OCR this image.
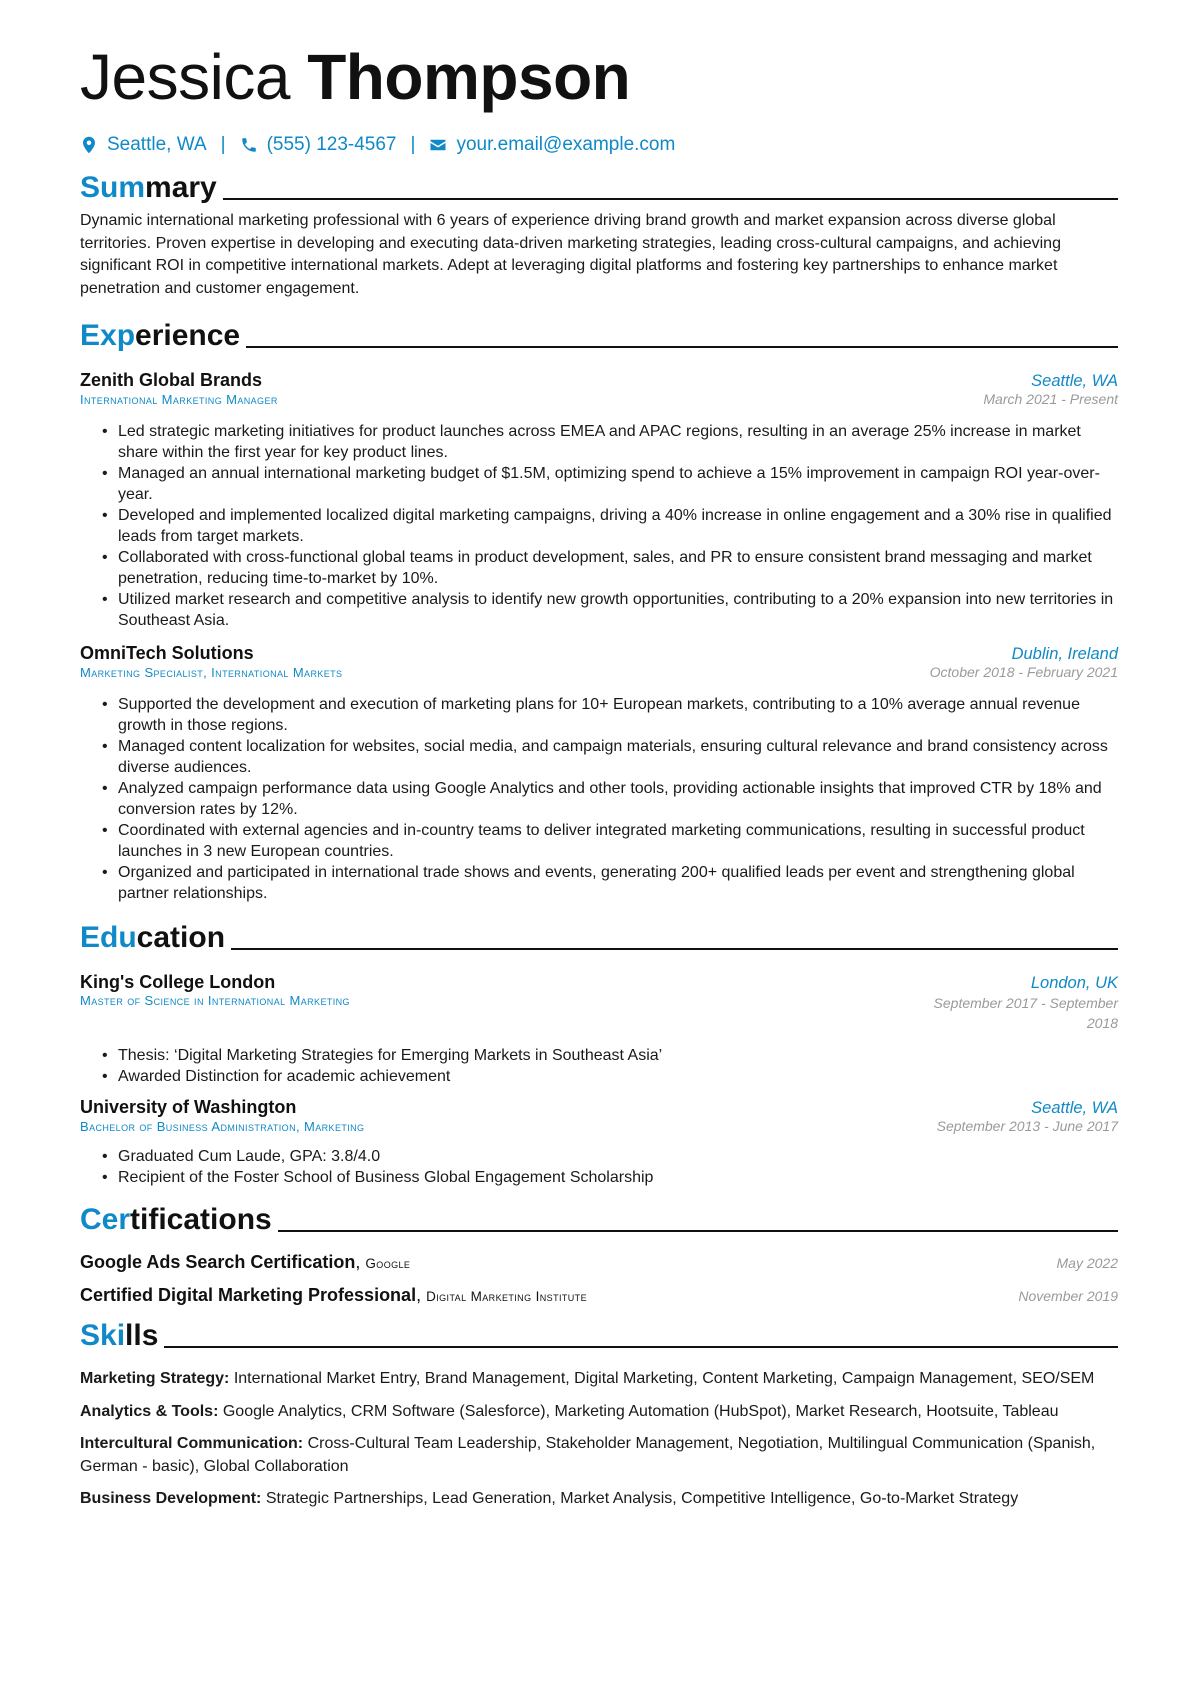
Jessica Thompson
Seattle, WA | (555) 123-4567 | your.email@example.com
Summary

Dynamic international marketing professional with 6 years of experience driving brand growth and market expansion across diverse global territories. Proven expertise in developing and executing data-driven marketing strategies, leading cross-cultural campaigns, and achieving significant ROI in competitive international markets. Adept at leveraging digital platforms and fostering key partnerships to enhance market penetration and customer engagement.

Experience
Zenith Global Brands	Seattle, WA
International Marketing Manager	March 2021 - Present
• Led strategic marketing initiatives for product launches across EMEA and APAC regions, resulting in an average 25% increase in market share within the first year for key product lines.
• Managed an annual international marketing budget of $1.5M, optimizing spend to achieve a 15% improvement in campaign ROI year-over-year.
• Developed and implemented localized digital marketing campaigns, driving a 40% increase in online engagement and a 30% rise in qualified leads from target markets.
• Collaborated with cross-functional global teams in product development, sales, and PR to ensure consistent brand messaging and market penetration, reducing time-to-market by 10%.
• Utilized market research and competitive analysis to identify new growth opportunities, contributing to a 20% expansion into new territories in Southeast Asia.
OmniTech Solutions	Dublin, Ireland
Marketing Specialist, International Markets	October 2018 - February 2021
• Supported the development and execution of marketing plans for 10+ European markets, contributing to a 10% average annual revenue growth in those regions.
• Managed content localization for websites, social media, and campaign materials, ensuring cultural relevance and brand consistency across diverse audiences.
• Analyzed campaign performance data using Google Analytics and other tools, providing actionable insights that improved CTR by 18% and conversion rates by 12%.
• Coordinated with external agencies and in-country teams to deliver integrated marketing communications, resulting in successful product launches in 3 new European countries.
• Organized and participated in international trade shows and events, generating 200+ qualified leads per event and strengthening global partner relationships.
Education
King's College London	London, UK
Master of Science in International Marketing	September 2017 - September 2018
• Thesis: ‘Digital Marketing Strategies for Emerging Markets in Southeast Asia’
• Awarded Distinction for academic achievement
University of Washington	Seattle, WA
Bachelor of Business Administration, Marketing	September 2013 - June 2017
• Graduated Cum Laude, GPA: 3.8/4.0
• Recipient of the Foster School of Business Global Engagement Scholarship
Certifications
Google Ads Search Certification, Google	May 2022
Certified Digital Marketing Professional, Digital Marketing Institute	November 2019
Skills

Marketing Strategy: International Market Entry, Brand Management, Digital Marketing, Content Marketing, Campaign Management, SEO/SEM

Analytics & Tools: Google Analytics, CRM Software (Salesforce), Marketing Automation (HubSpot), Market Research, Hootsuite, Tableau

Intercultural Communication: Cross-Cultural Team Leadership, Stakeholder Management, Negotiation, Multilingual Communication (Spanish, German - basic), Global Collaboration

Business Development: Strategic Partnerships, Lead Generation, Market Analysis, Competitive Intelligence, Go-to-Market Strategy
